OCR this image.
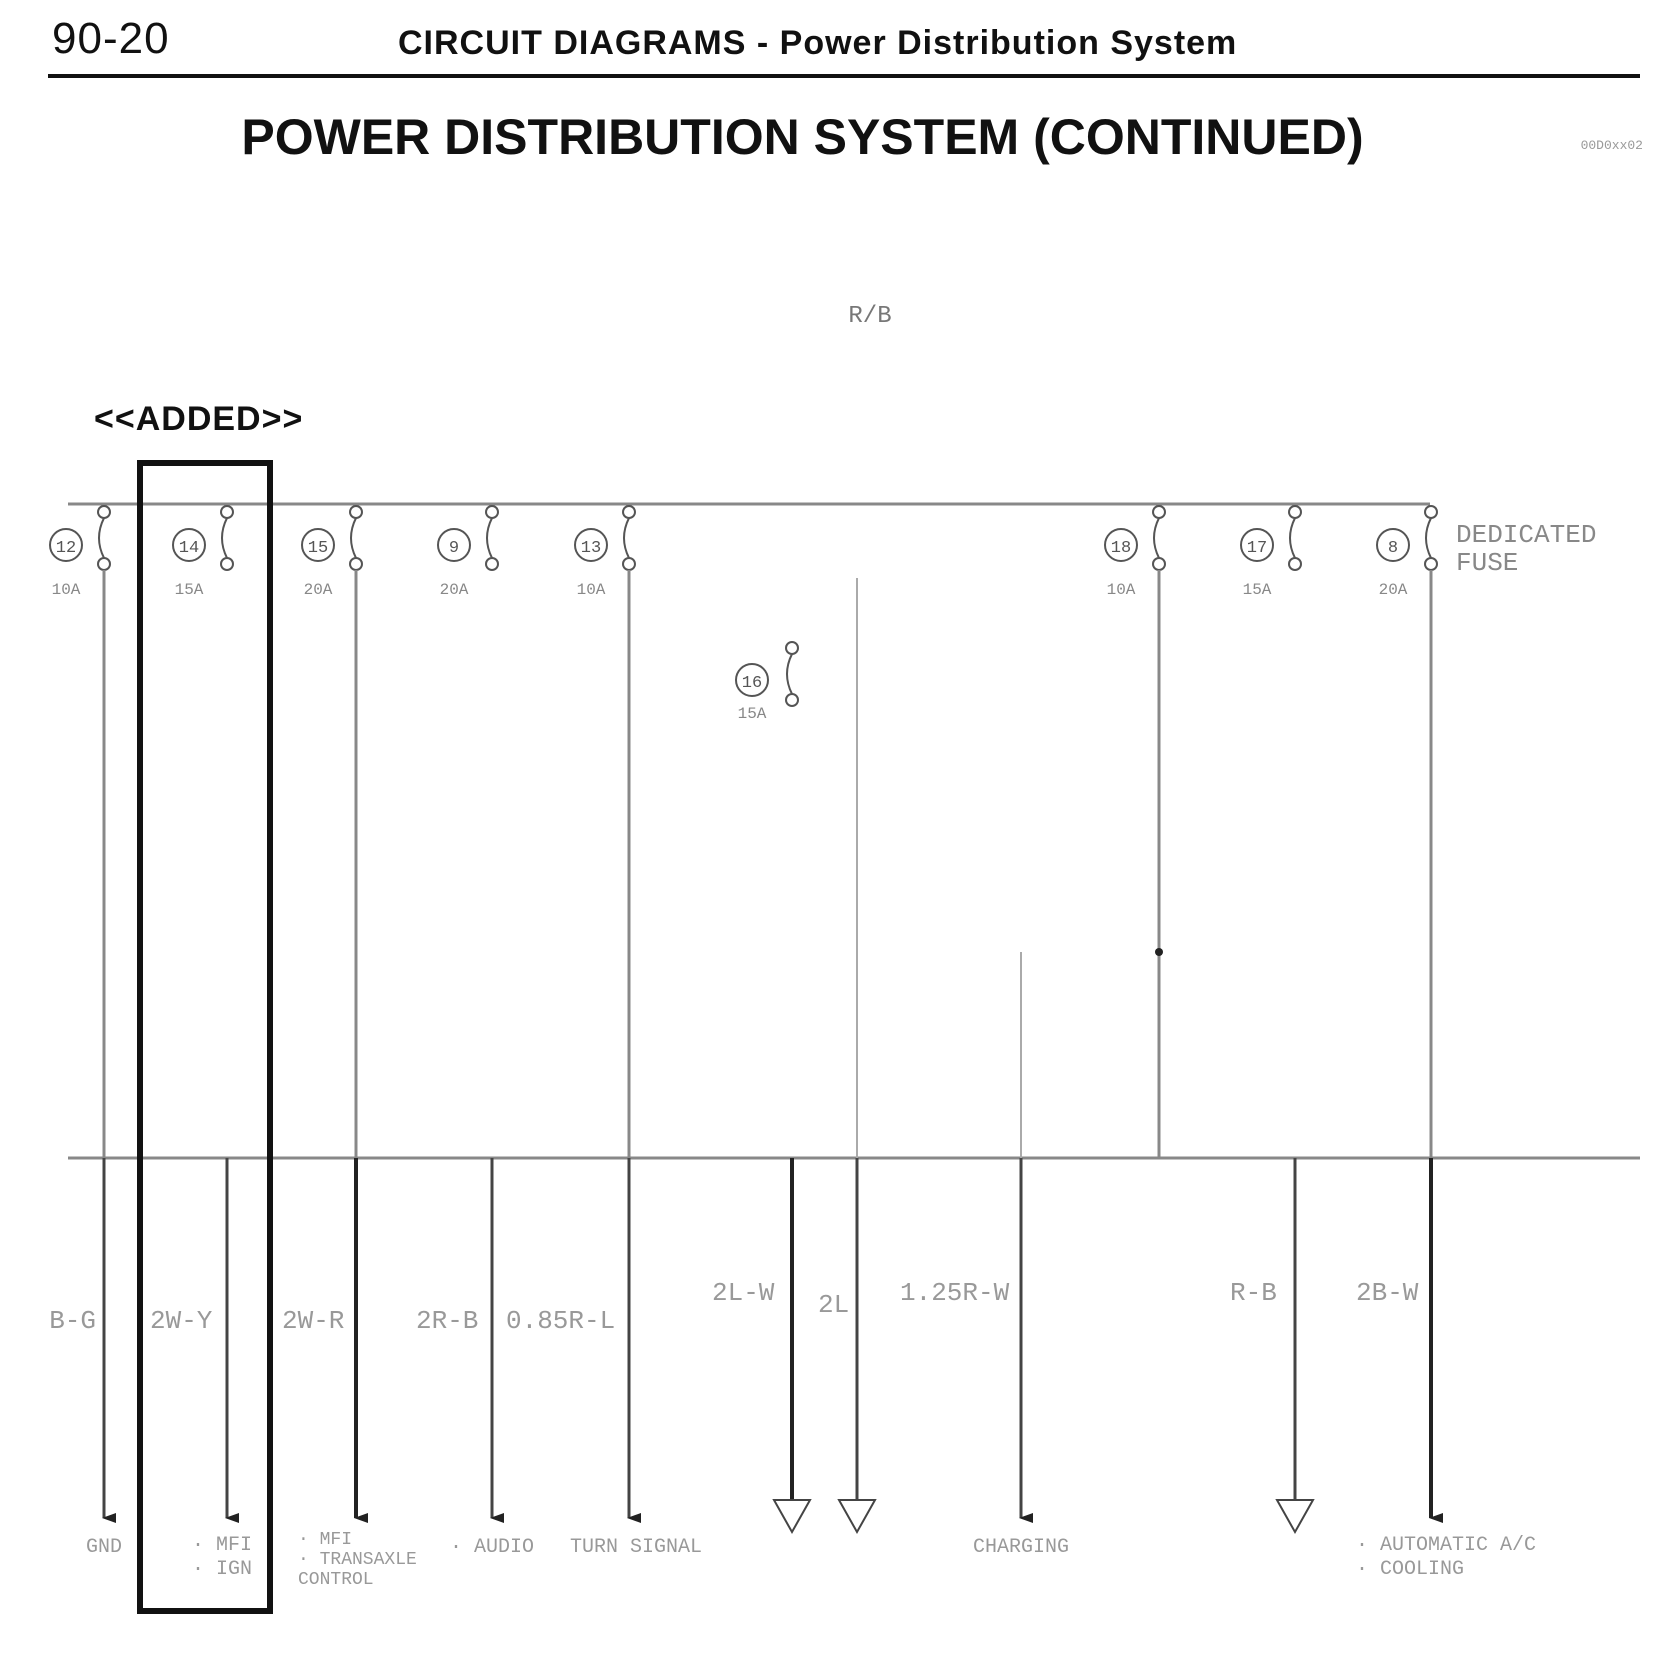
90-20	CIRCUIT DIAGRAMS - Power Distribution System
POWER DISTRIBUTION SYSTEM (CONTINUED)	00D0xx02
<<ADDED>>
R/B
DEDICATED
FUSE
12
10A
14
15A
15
20A
9
20A
13
10A
16
15A
18
10A
17
15A
8
20A
B-G 2W-Y	2W-R	2R-B 0.85R-L
2L-W 2L 1.25R-W	R-B	2B-W
GND	· MFI
· IGN
· MFI
· TRANSAXLE
CONTROL
· AUDIO TURN SIGNAL	CHARGING	· AUTOMATIC A/C
· COOLING
